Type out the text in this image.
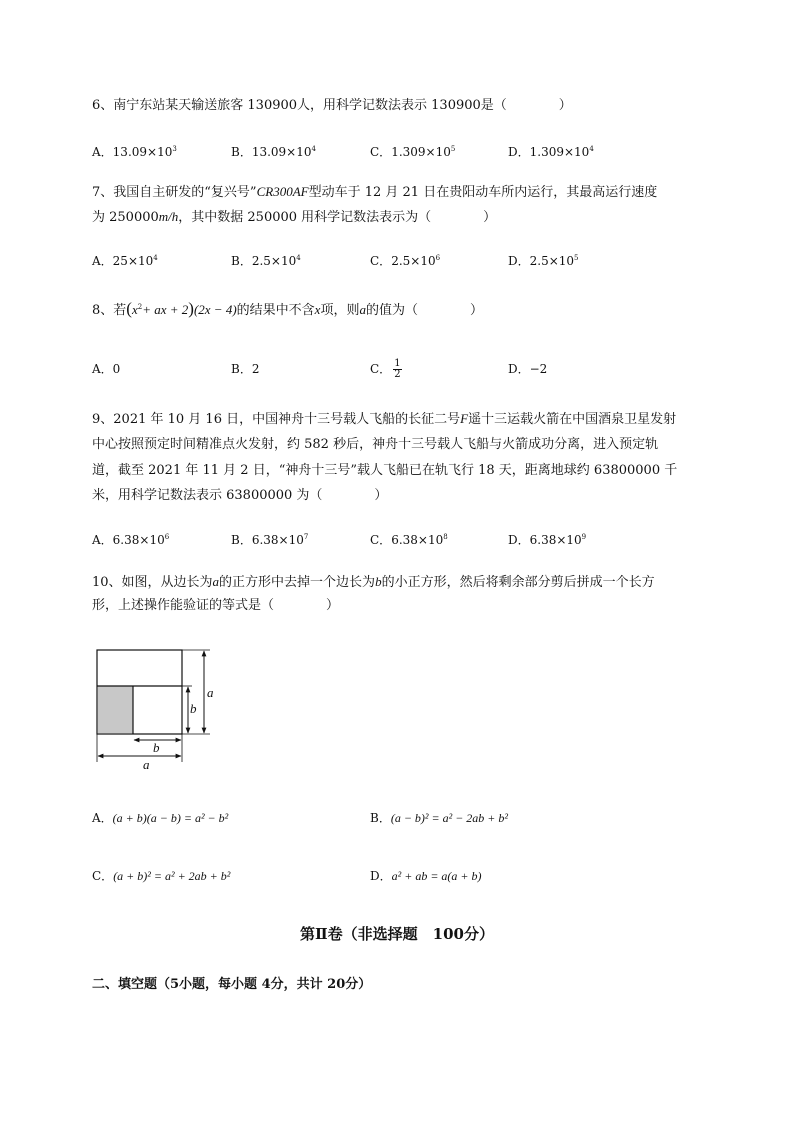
6、南宁东站某天输送旅客 130900人，用科学记数法表示 130900是（　　　　）
A．$13.09\times 10^3$	B．$13.09\times 10^4$	C．$1.309\times 10^5$	D．$1.309\times 10^4$
7、我国自主研发的“复兴号”CR300AF型动车于 12 月 21 日在贵阳动车所内运行，其最高运行速度
为 250000m/h，其中数据 250000 用科学记数法表示为（　　　　）
A．$25\times 10^4$	B．$2.5\times 10^4$	C．$2.5\times 10^6$	D．$2.5\times 10^5$
8、若($x^2+$ ax + 2)(2x − 4)的结果中不含x项，则a的值为（　　　　）
A．0	B．2	C． $\frac{1}{2}$	D．−2
9、2021 年 10 月 16 日，中国神舟十三号载人飞船的长征二号F遥十三运载火箭在中国酒泉卫星发射
中心按照预定时间精准点火发射，约 582 秒后，神舟十三号载人飞船与火箭成功分离，进入预定轨
道，截至 2021 年 11 月 2 日，“神舟十三号”载人飞船已在轨飞行 18 天，距离地球约 63800000 千
米，用科学记数法表示 63800000 为（　　　　）
A．$6.38\times 10^6$	B．$6.38\times 10^7$	C．$6.38\times 10^8$	D．$6.38\times 10^9$
10、如图，从边长为a的正方形中去掉一个边长为b的小正方形，然后将剩余部分剪后拼成一个长方
形，上述操作能验证的等式是（　　　　）
a
b
b
a
A．(a + b)(a − b) = a² − b²	B．(a − b)² = a² − 2ab + b²
C．(a + b)² = a² + 2ab + b²	D．a² + ab = a(a + b)
第Ⅱ卷（非选择题　100分）
二、填空题（5小题，每小题 4分，共计 20分）
